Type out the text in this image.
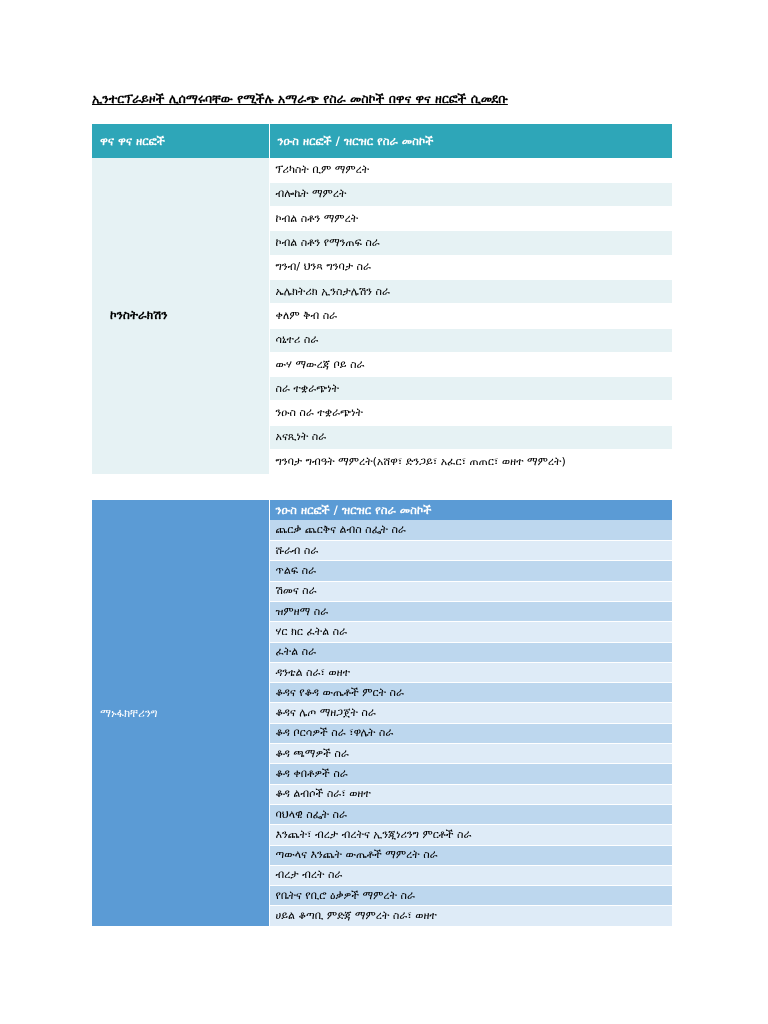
ኢንተርፕራይዞች ሊሰማሩባቸው የሚችሉ አማራጭ የስራ መስኮች በዋና ዋና ዘርፎች ሲመደቡ
ዋና ዋና ዘርፎች	ንዑስ ዘርፎች / ዝርዝር የስራ መስኮች
ኮንስትራክሽን	ፕሪካስት ቢም ማምረት
	ብሎኬት ማምረት
	ኮብል ስቶን ማምረት
	ኮብል ስቶን የማንጠፍ ስራ
	ግንብ/ ህንጻ ግንባታ ስራ
	ኤሌክትሪክ ኢንስታሌሽን ስራ
	ቀለም ቅብ ስራ
	ሳኒተሪ ስራ
	ውሃ ማውረጃ ቦይ ስራ
	ስራ ተቋራጭነት
	ንዑስ ስራ ተቋራጭነት
	አናጺነት ስራ
	ግንባታ ግብዓት ማምረት(አሸዋ፣ ድንጋይ፣ አፈር፣ ጠጠር፣ ወዘተ ማምረት)
ማኑፋክቸሪንግ	ንዑስ ዘርፎች / ዝርዝር የስራ መስኮች
ጨርቃ ጨርቅና ልብስ ስፌት ስራ
ሹራብ ስራ
ጥልፍ ስራ
ሽመና ስራ
ዝምዘማ ስራ
ሃር ክር ፈትል ስራ
ፈትል ስራ
ዳንቴል ስራ፣ ወዘተ
ቆዳና የቆዳ ውጤቶች ምርት ስራ
ቆዳና ሌጦ ማዘጋጀት ስራ
ቆዳ ቦርሳዎች ስራ ፣ዋሌት ስራ
ቆዳ ጫማዎች ስራ
ቆዳ ቀበቶዎች ስራ
ቆዳ ልብሶች ስራ፣ ወዘተ
ባህላዊ ስፌት ስራ
እንጨት፣ ብረታ ብረትና ኢንጂነሪንግ ምርቶች ስራ
ጣውላና እንጨት ውጤቶች ማምረት ስራ
ብረታ ብረት ስራ
የቤትና የቢሮ ዕቃዎች ማምረት ስራ
ሀይል ቆጣቢ ምድጃ ማምረት ስራ፣ ወዘተ
